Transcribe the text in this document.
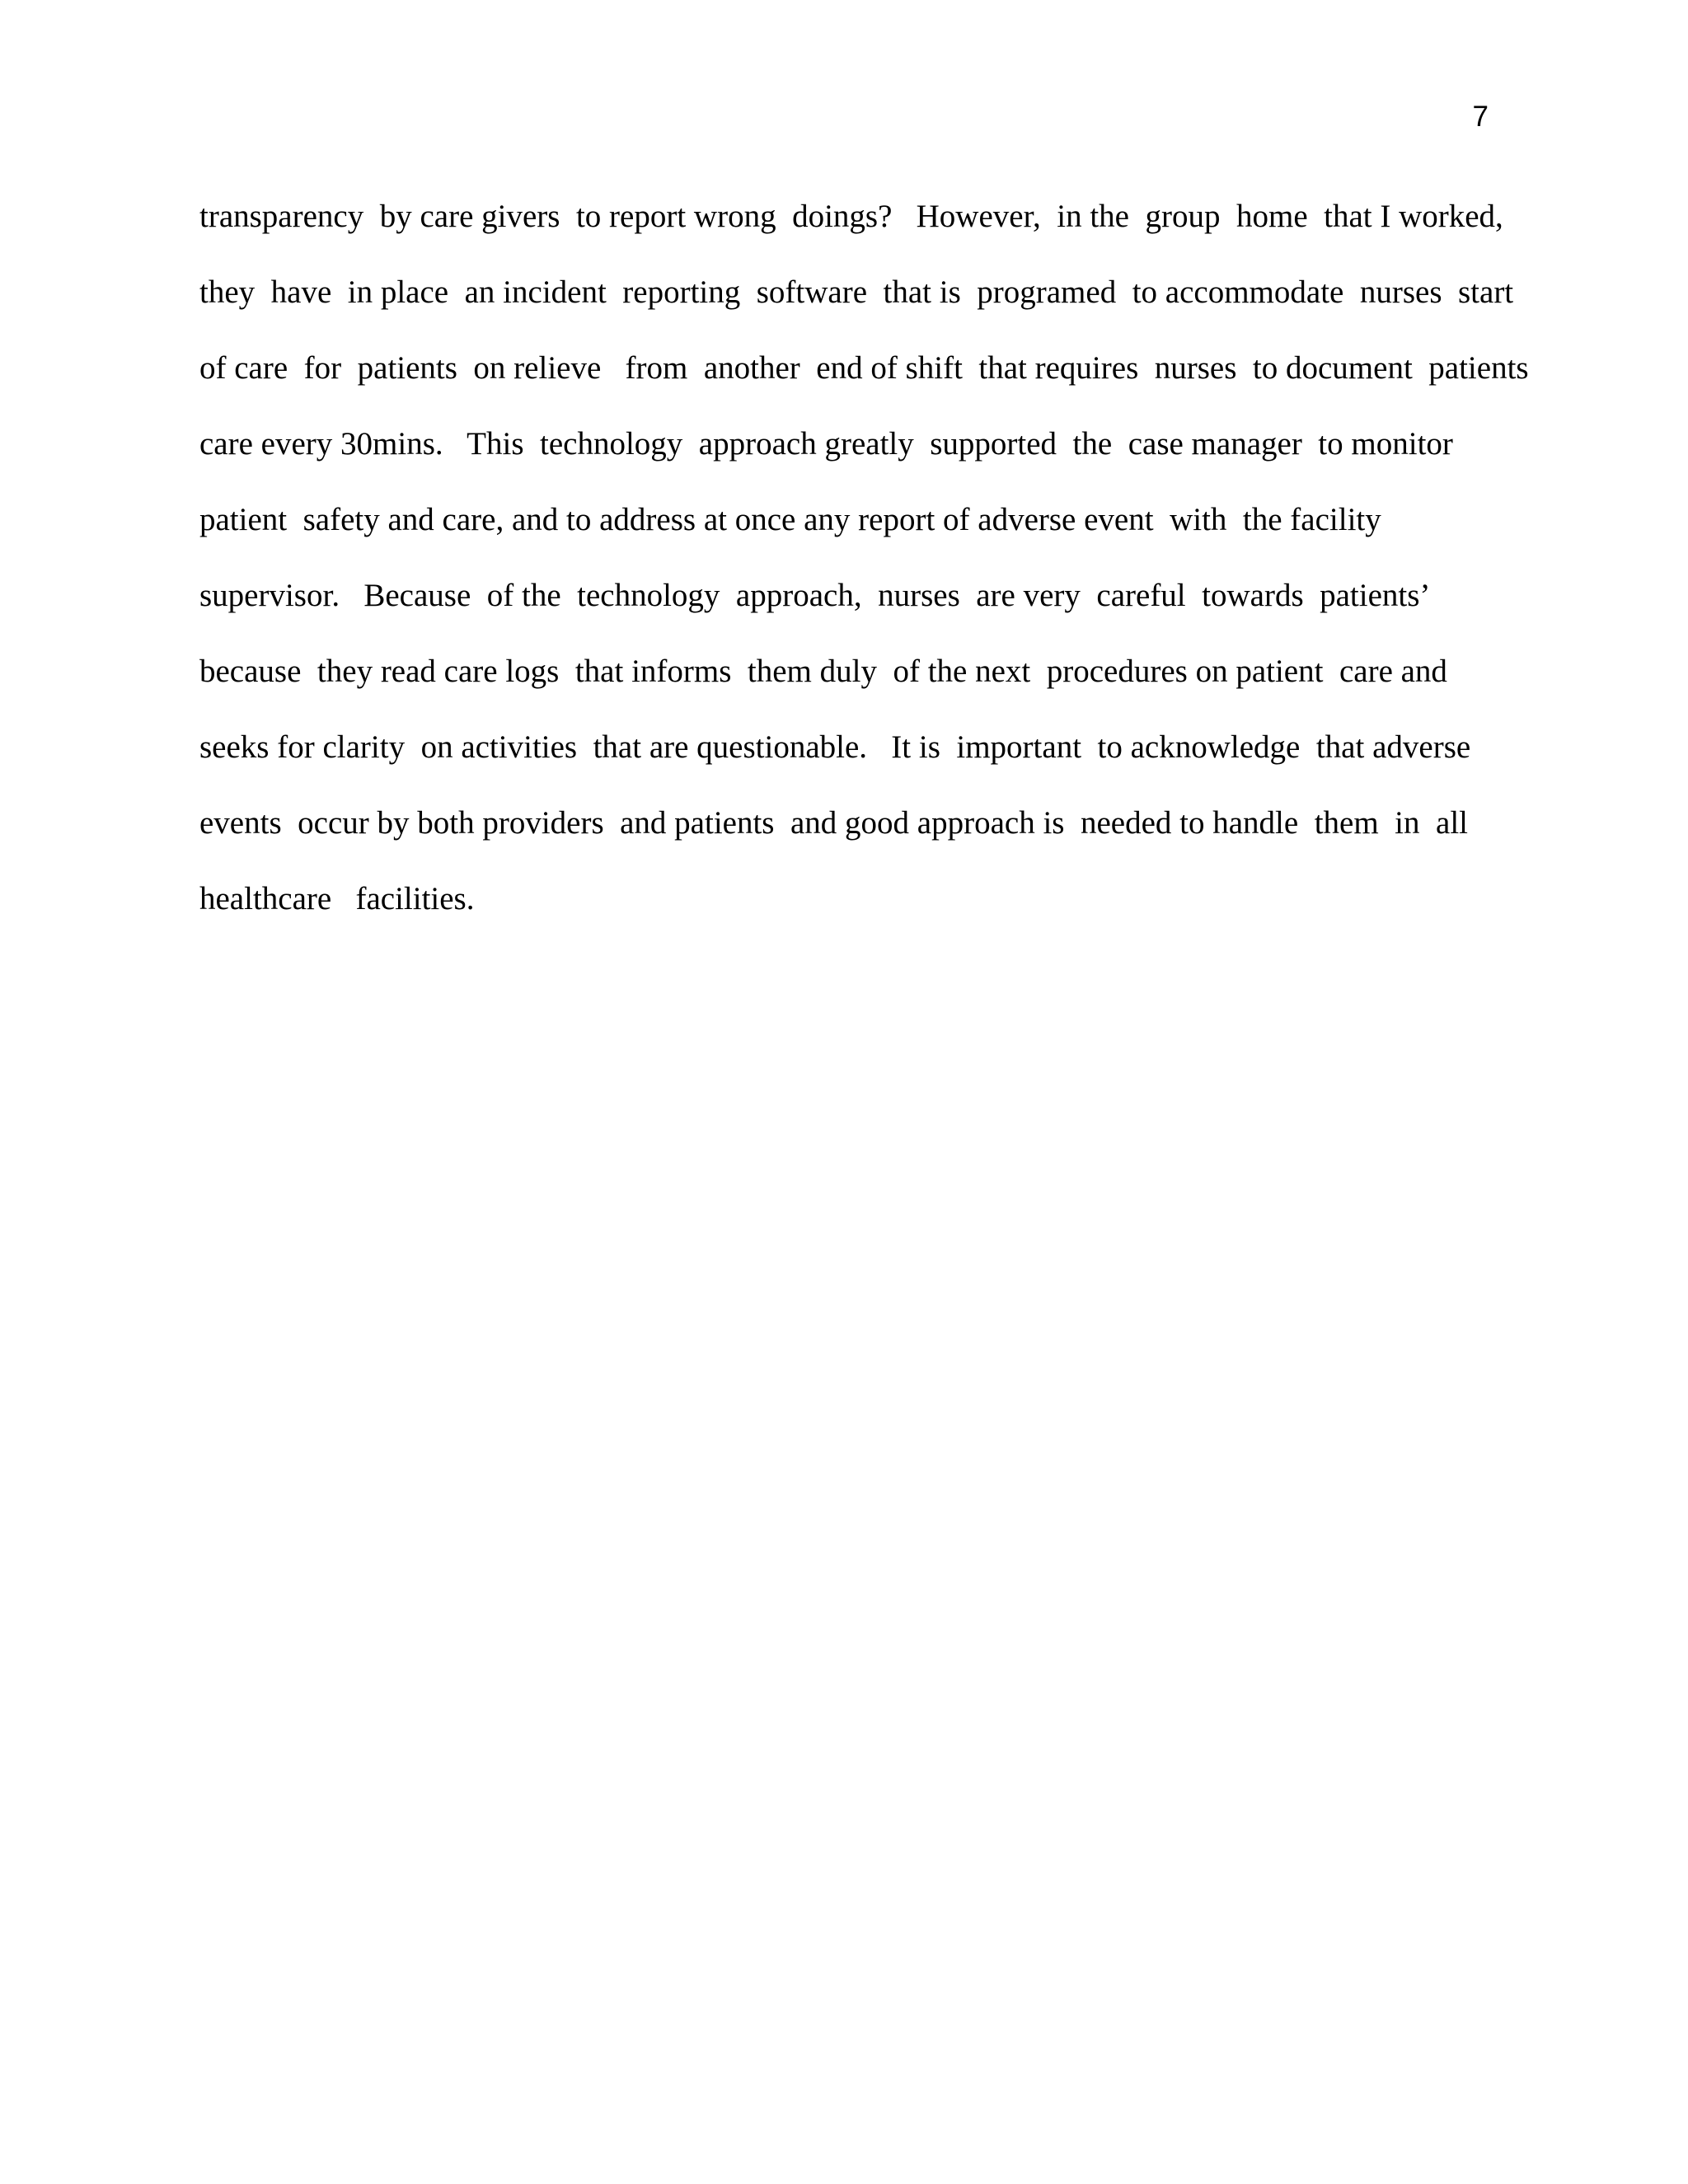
7
transparency  by care givers  to report wrong  doings?   However,  in the  group  home  that I worked,
they  have  in place  an incident  reporting  software  that is  programed  to accommodate  nurses  start
of care  for  patients  on relieve   from  another  end of shift  that requires  nurses  to document  patients
care every 30mins.   This  technology  approach greatly  supported  the  case manager  to monitor
patient  safety and care, and to address at once any report of adverse event  with  the facility
supervisor.   Because  of the  technology  approach,  nurses  are very  careful  towards  patients’
because  they read care logs  that informs  them duly  of the next  procedures on patient  care and
seeks for clarity  on activities  that are questionable.   It is  important  to acknowledge  that adverse
events  occur by both providers  and patients  and good approach is  needed to handle  them  in  all
healthcare   facilities.
